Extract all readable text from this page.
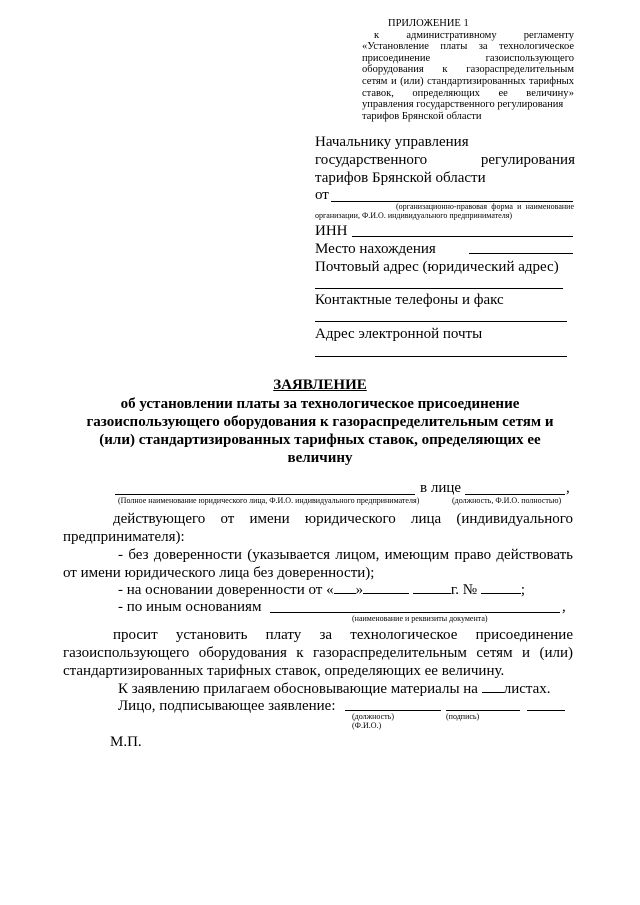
ПРИЛОЖЕНИЕ 1
к административному регламенту
«Установление платы за технологическое
присоединение газоиспользующего
оборудования к газораспределительным
сетям и (или) стандартизированных тарифных
ставок, определяющих ее величину»
управления государственного регулирования
тарифов Брянской области
Начальнику управления
государственного	регулирования
тарифов Брянской области
от
(организационно-правовая форма и наименование
организации, Ф.И.О. индивидуального предпринимателя)
ИНН
Место нахождения
Почтовый адрес (юридический адрес)
Контактные телефоны и факс
Адрес электронной почты
ЗАЯВЛЕНИЕ
об установлении платы за технологическое присоединение
газоиспользующего оборудования к газораспределительным сетям и
(или) стандартизированных тарифных ставок, определяющих ее
величину
в лице	,
(Полное наименование юридического лица, Ф.И.О. индивидуального предпринимателя)	(должность, Ф.И.О. полностью)
действующего от имени юридического лица (индивидуального
предпринимателя):
- без доверенности (указывается лицом, имеющим право действовать
от имени юридического лица без доверенности);
- на основании доверенности от « »	г. №	;
- по иным основаниям	,
(наименование и реквизиты документа)
просит установить плату за технологическое присоединение
газоиспользующего оборудования к газораспределительным сетям и (или)
стандартизированных тарифных ставок, определяющих ее величину.
К заявлению прилагаем обосновывающие материалы на листах.
Лицо, подписывающее заявление:
(должность)	(подпись)
(Ф.И.О.)
М.П.
